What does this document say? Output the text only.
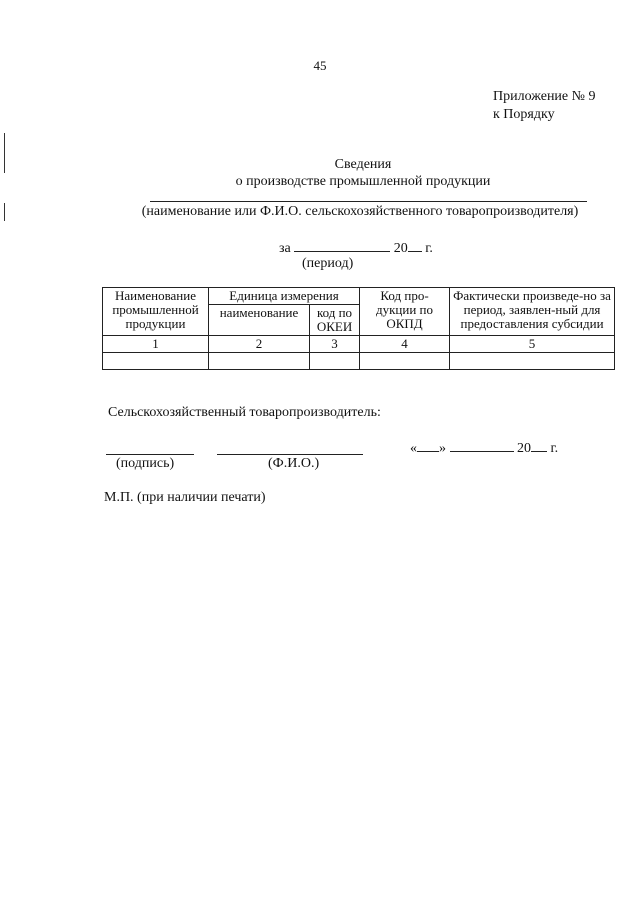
45
Приложение № 9
к Порядку
Сведения
о производстве промышленной продукции
(наименование или Ф.И.О. сельскохозяйственного товаропроизводителя)
за	20 г.
(период)
Наименование промышленной продукции	Единица измерения		Код про-дукции по ОКПД	Фактически произведе-но за период, заявлен-ный для предоставления субсидии
	наименование	код по ОКЕИ		
1	2	3	4	5

Сельскохозяйственный товаропроизводитель:
(подпись)	(Ф.И.О.)
« »	20 г.
М.П. (при наличии печати)
